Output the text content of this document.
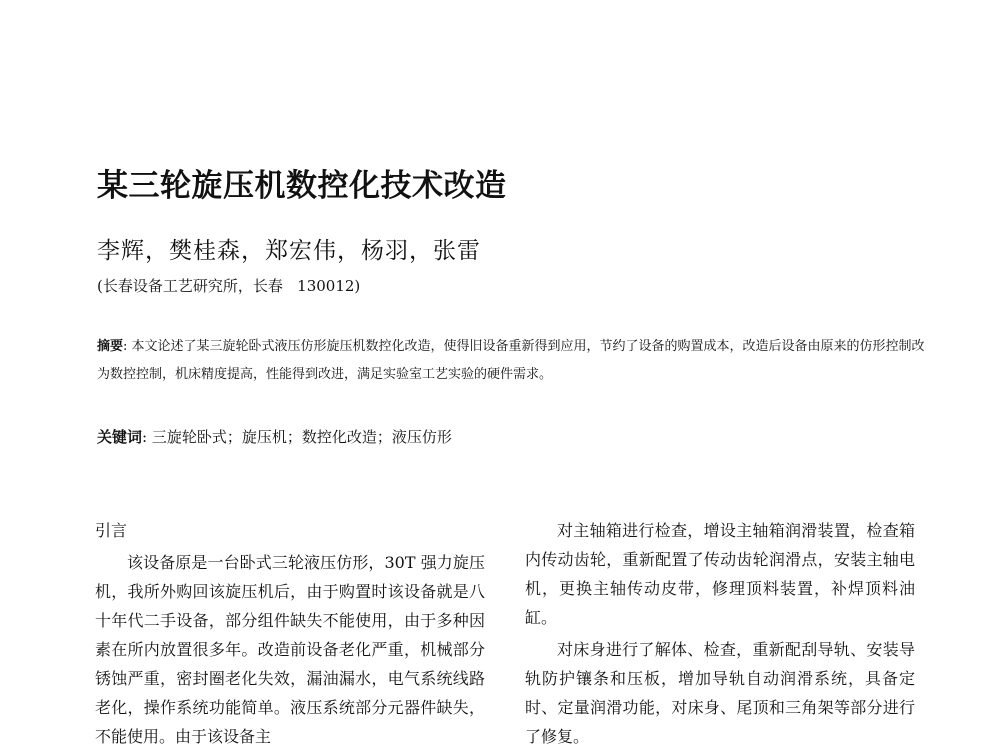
某三轮旋压机数控化技术改造

李辉，樊桂森，郑宏伟，杨羽，张雷

(长春设备工艺研究所，长春   130012)

摘要: 本文论述了某三旋轮卧式液压仿形旋压机数控化改造，使得旧设备重新得到应用，节约了设备的购置成本，改造后设备由原来的仿形控制改为数控控制，机床精度提高，性能得到改进，满足实验室工艺实验的硬件需求。

关键词: 三旋轮卧式；旋压机；数控化改造；液压仿形

引言

该设备原是一台卧式三轮液压仿形，30T 强力旋压机，我所外购回该旋压机后，由于购置时该设备就是八十年代二手设备，部分组件缺失不能使用，由于多种因素在所内放置很多年。改造前设备老化严重，机械部分锈蚀严重，密封圈老化失效，漏油漏水，电气系统线路老化，操作系统功能简单。液压系统部分元器件缺失，不能使用。由于该设备主

对主轴箱进行检查，增设主轴箱润滑装置，检查箱内传动齿轮，重新配置了传动齿轮润滑点，安装主轴电机，更换主轴传动皮带，修理顶料装置，补焊顶料油缸。

对床身进行了解体、检查，重新配刮导轨、安装导轨防护镶条和压板，增加导轨自动润滑系统，具备定时、定量润滑功能，对床身、尾顶和三角架等部分进行了修复。
